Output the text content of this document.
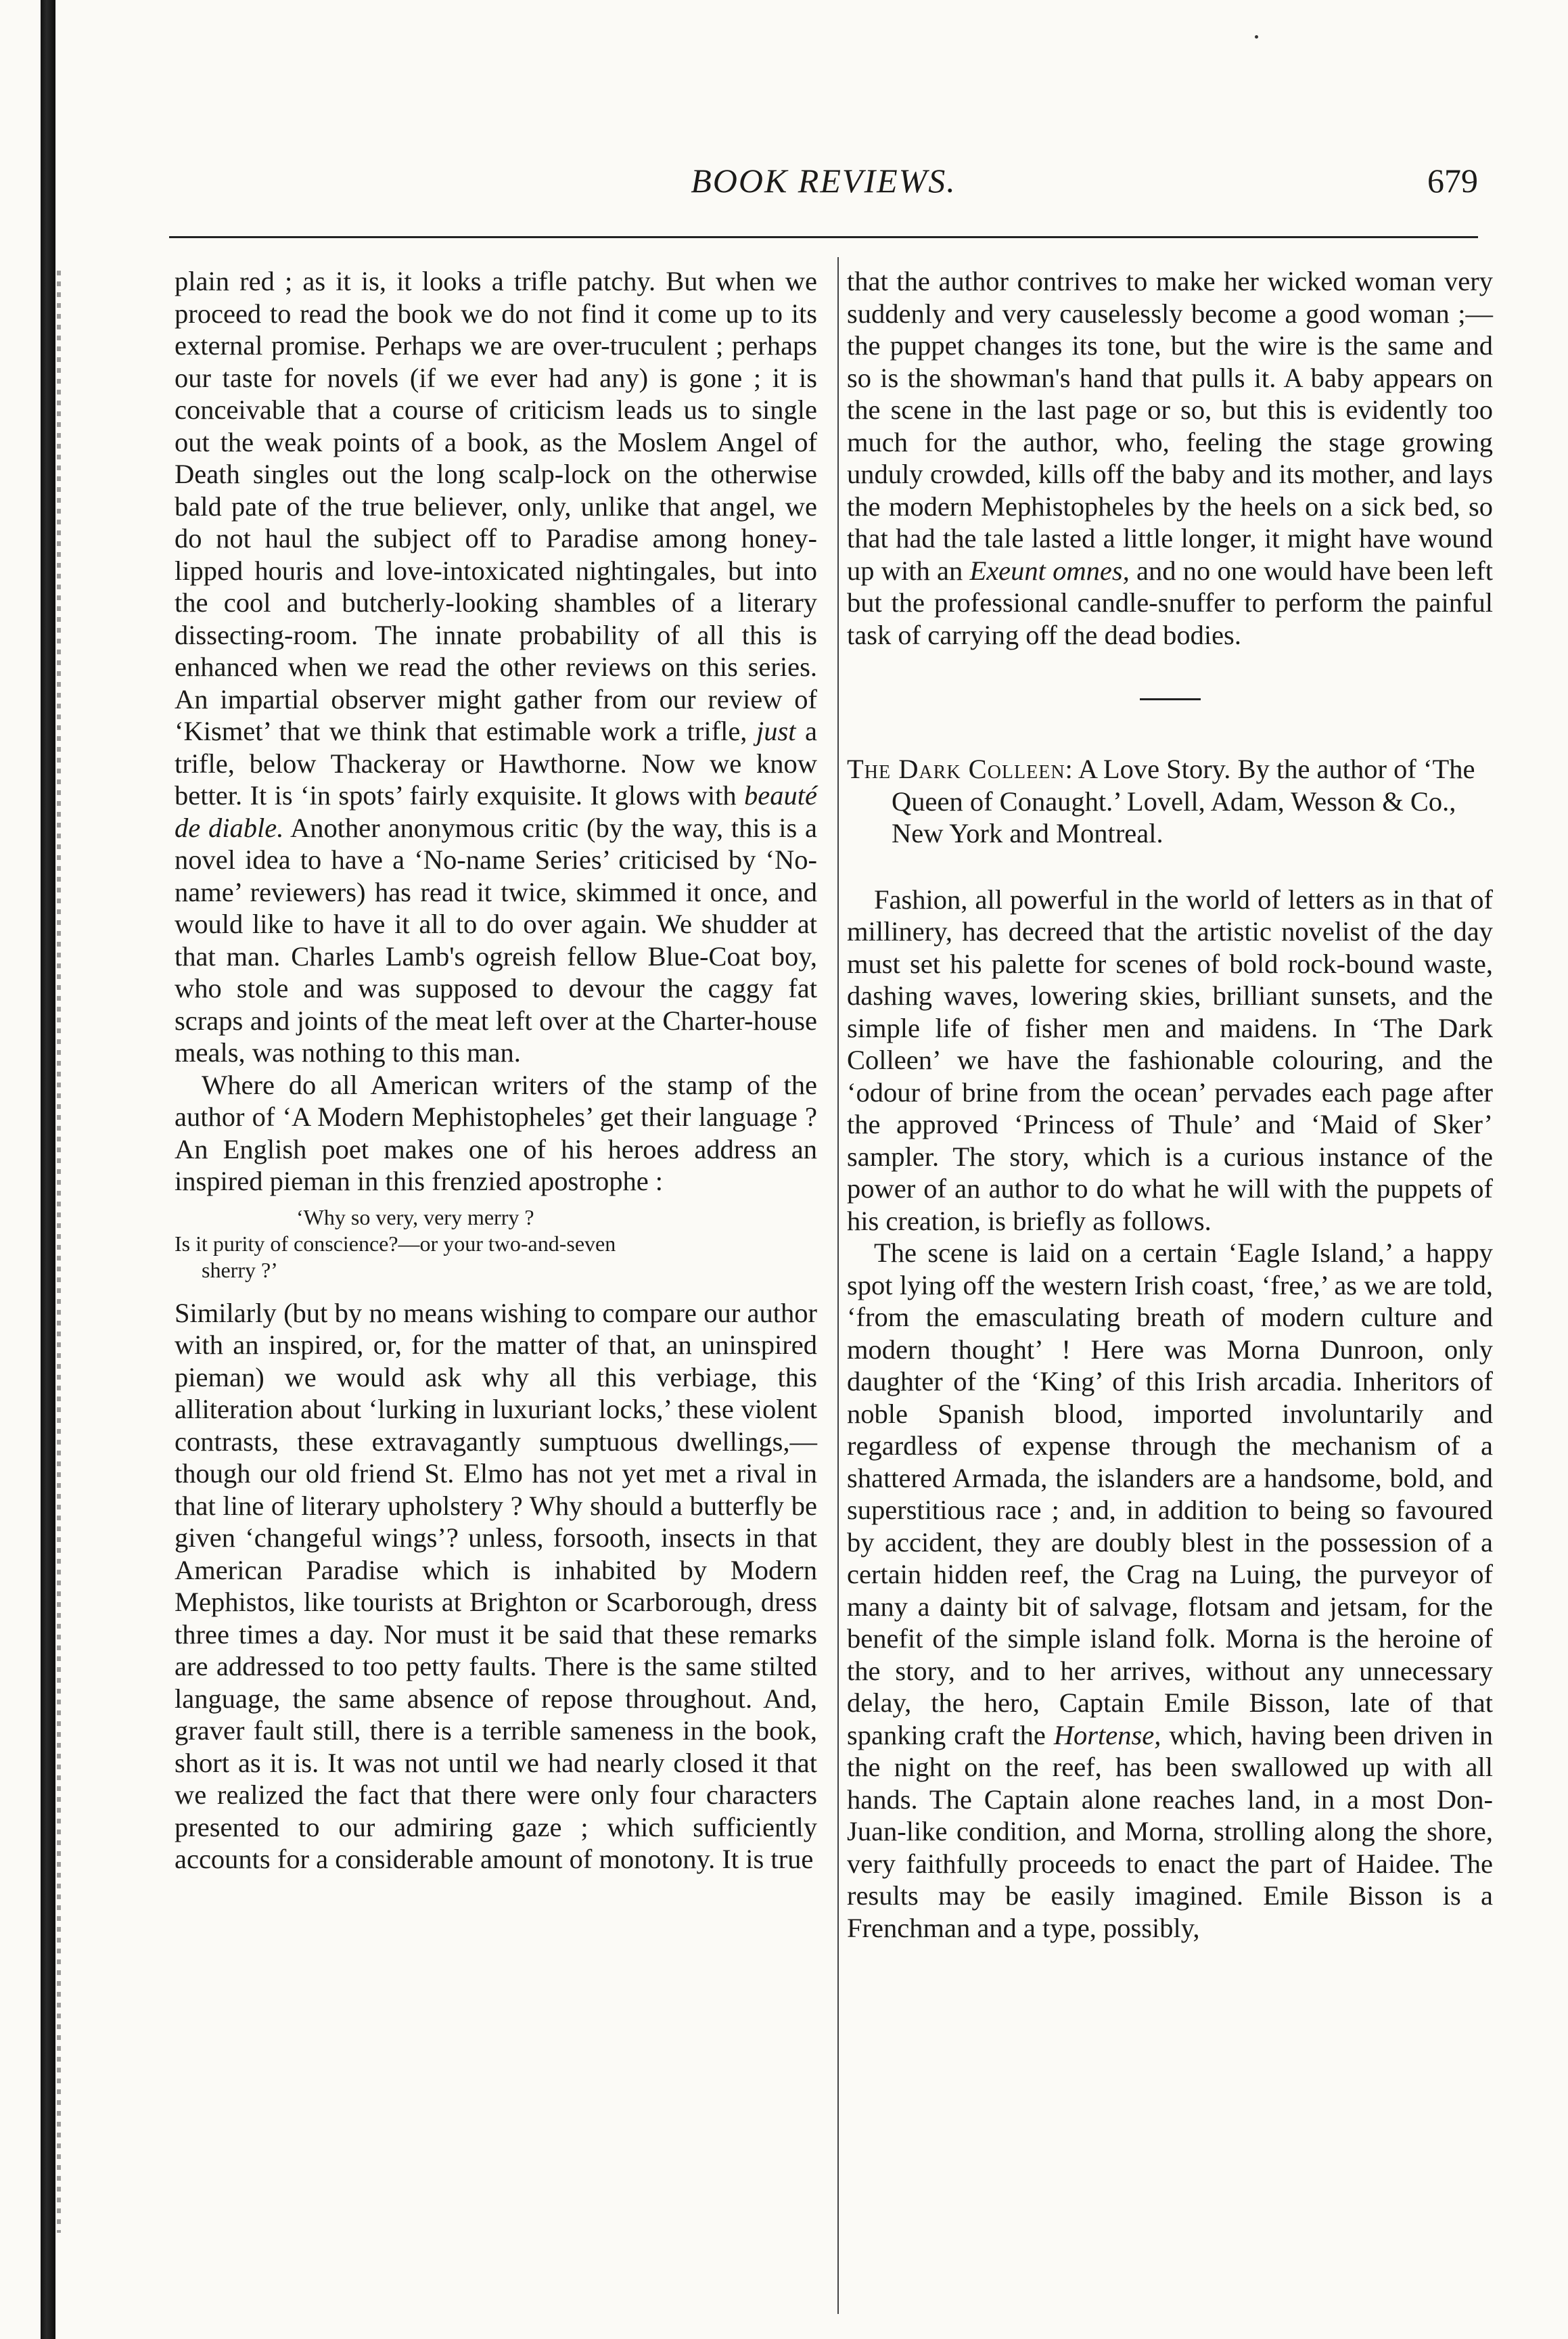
BOOK REVIEWS.	679

plain red ; as it is, it looks a trifle patchy. But when we proceed to read the book we do not find it come up to its external promise. Perhaps we are over-truculent ; perhaps our taste for novels (if we ever had any) is gone ; it is conceivable that a course of criticism leads us to single out the weak points of a book, as the Moslem Angel of Death singles out the long scalp-lock on the otherwise bald pate of the true believer, only, unlike that angel, we do not haul the subject off to Paradise among honey-lipped houris and love-intoxicated nightingales, but into the cool and butcherly-looking shambles of a literary dissecting-room. The innate probability of all this is enhanced when we read the other reviews on this series. An impartial observer might gather from our review of ‘Kismet’ that we think that estimable work a trifle, just a trifle, below Thackeray or Hawthorne. Now we know better. It is ‘in spots’ fairly exquisite. It glows with beauté de diable. Another anonymous critic (by the way, this is a novel idea to have a ‘No-name Series’ criticised by ‘No-name’ reviewers) has read it twice, skimmed it once, and would like to have it all to do over again. We shudder at that man. Charles Lamb's ogreish fellow Blue-Coat boy, who stole and was supposed to devour the caggy fat scraps and joints of the meat left over at the Charter-house meals, was nothing to this man.

Where do all American writers of the stamp of the author of ‘A Modern Mephistopheles’ get their language ? An English poet makes one of his heroes address an inspired pieman in this frenzied apostrophe :

‘Why so very, very merry ?
Is it purity of conscience?—or your two-and-seven
sherry ?’

Similarly (but by no means wishing to compare our author with an inspired, or, for the matter of that, an uninspired pieman) we would ask why all this verbiage, this alliteration about ‘lurking in luxuriant locks,’ these violent contrasts, these extravagantly sumptuous dwellings,—though our old friend St. Elmo has not yet met a rival in that line of literary upholstery ? Why should a butterfly be given ‘changeful wings’? unless, forsooth, insects in that American Paradise which is inhabited by Modern Mephistos, like tourists at Brighton or Scarborough, dress three times a day. Nor must it be said that these remarks are addressed to too petty faults. There is the same stilted language, the same absence of repose throughout. And, graver fault still, there is a terrible sameness in the book, short as it is. It was not until we had nearly closed it that we realized the fact that there were only four characters presented to our admiring gaze ; which sufficiently accounts for a considerable amount of monotony. It is true

that the author contrives to make her wicked woman very suddenly and very causelessly become a good woman ;—the puppet changes its tone, but the wire is the same and so is the showman's hand that pulls it. A baby appears on the scene in the last page or so, but this is evidently too much for the author, who, feeling the stage growing unduly crowded, kills off the baby and its mother, and lays the modern Mephistopheles by the heels on a sick bed, so that had the tale lasted a little longer, it might have wound up with an Exeunt omnes, and no one would have been left but the professional candle-snuffer to perform the painful task of carrying off the dead bodies.

The Dark Colleen: A Love Story. By the author of ‘The Queen of Conaught.’ Lovell, Adam, Wesson & Co., New York and Montreal.

Fashion, all powerful in the world of letters as in that of millinery, has decreed that the artistic novelist of the day must set his palette for scenes of bold rock-bound waste, dashing waves, lowering skies, brilliant sunsets, and the simple life of fisher men and maidens. In ‘The Dark Colleen’ we have the fashionable colouring, and the ‘odour of brine from the ocean’ pervades each page after the approved ‘Princess of Thule’ and ‘Maid of Sker’ sampler. The story, which is a curious instance of the power of an author to do what he will with the puppets of his creation, is briefly as follows.

The scene is laid on a certain ‘Eagle Island,’ a happy spot lying off the western Irish coast, ‘free,’ as we are told, ‘from the emasculating breath of modern culture and modern thought’ ! Here was Morna Dunroon, only daughter of the ‘King’ of this Irish arcadia. Inheritors of noble Spanish blood, imported involuntarily and regardless of expense through the mechanism of a shattered Armada, the islanders are a handsome, bold, and superstitious race ; and, in addition to being so favoured by accident, they are doubly blest in the possession of a certain hidden reef, the Crag na Luing, the purveyor of many a dainty bit of salvage, flotsam and jetsam, for the benefit of the simple island folk. Morna is the heroine of the story, and to her arrives, without any unnecessary delay, the hero, Captain Emile Bisson, late of that spanking craft the Hortense, which, having been driven in the night on the reef, has been swallowed up with all hands. The Captain alone reaches land, in a most Don-Juan-like condition, and Morna, strolling along the shore, very faithfully proceeds to enact the part of Haidee. The results may be easily imagined. Emile Bisson is a Frenchman and a type, possibly,
